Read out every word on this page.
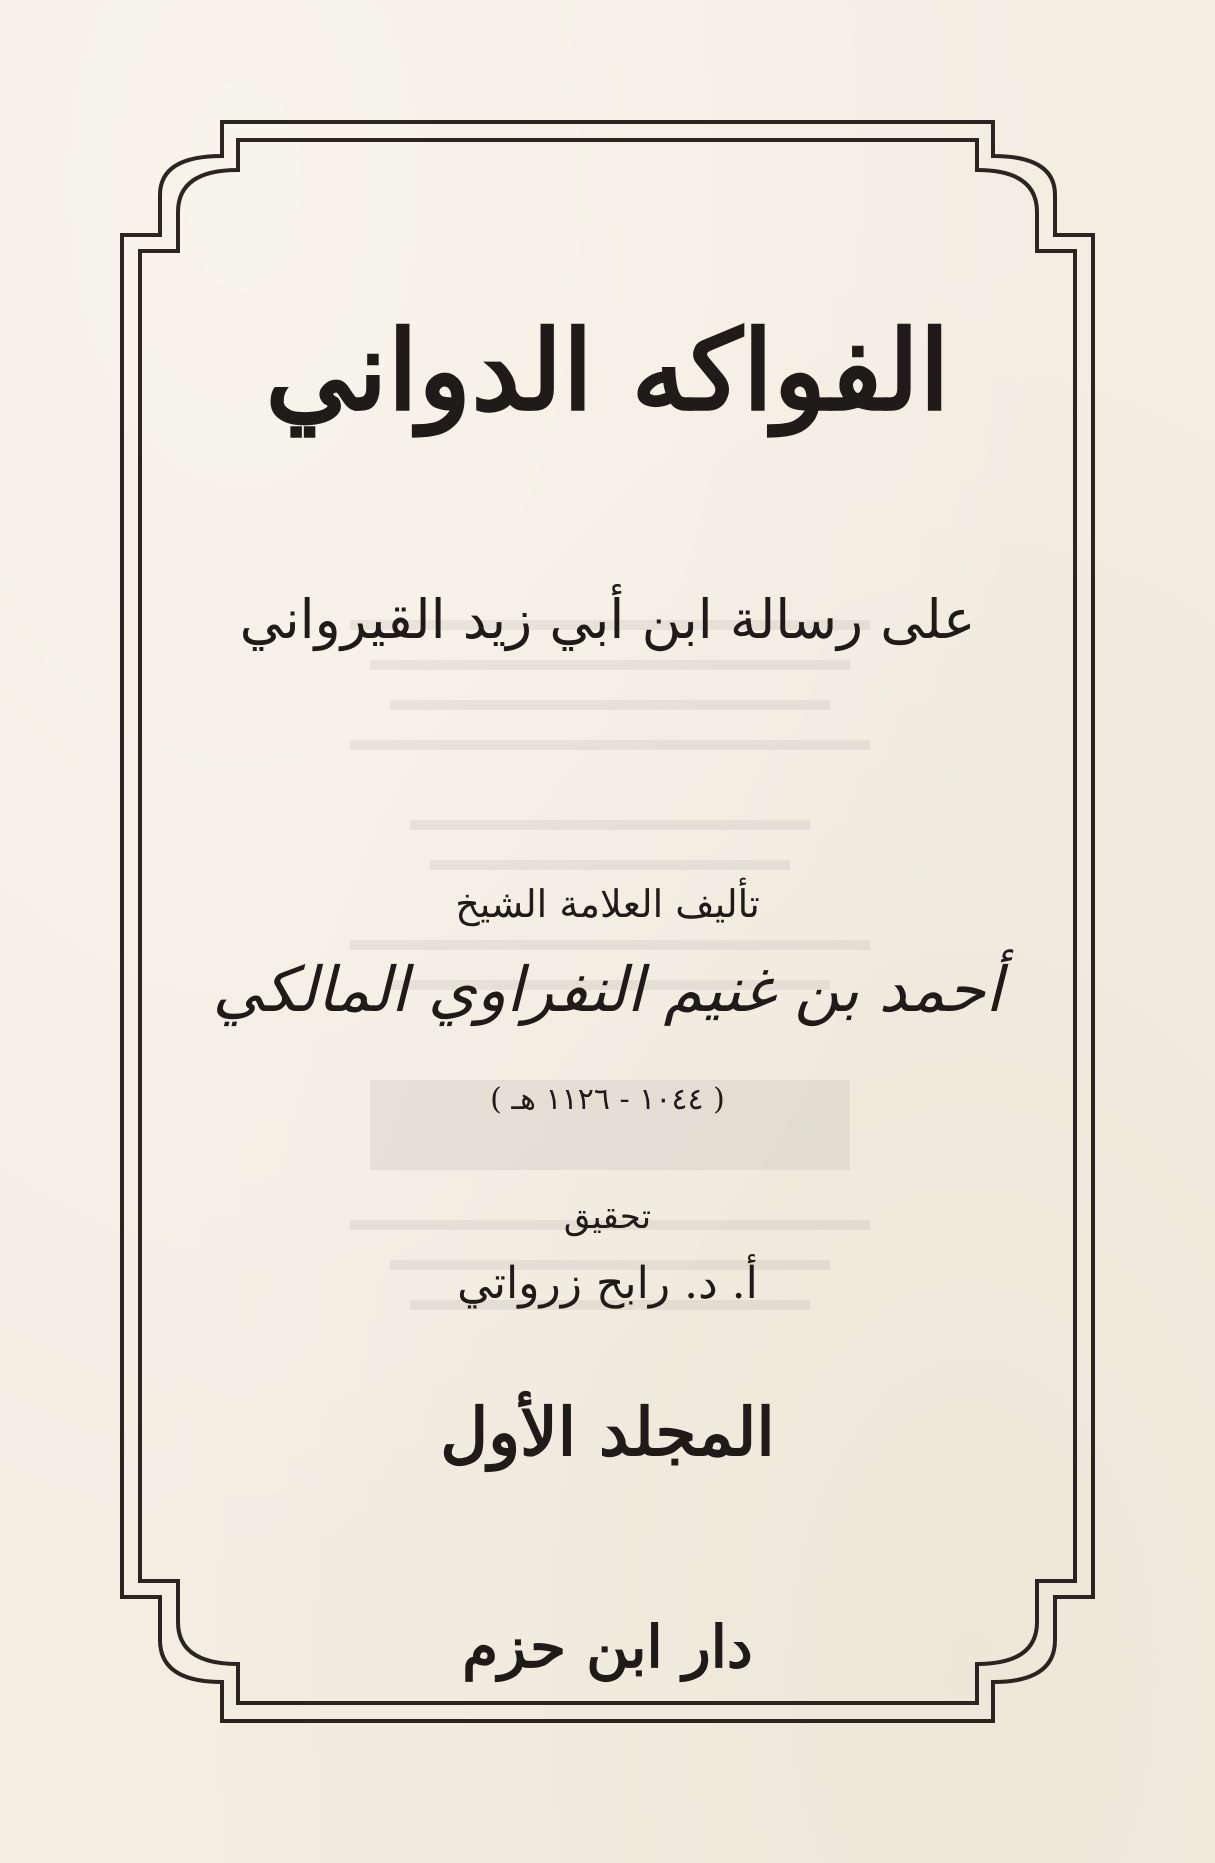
الفواكه الدواني
على رسالة ابن أبي زيد القيرواني
تأليف العلامة الشيخ
أحمد بن غنيم النفراوي المالكي
( ١٠٤٤ - ١١٢٦ هـ )
تحقيق
أ. د. رابح زرواتي
المجلد الأول
دار ابن حزم
